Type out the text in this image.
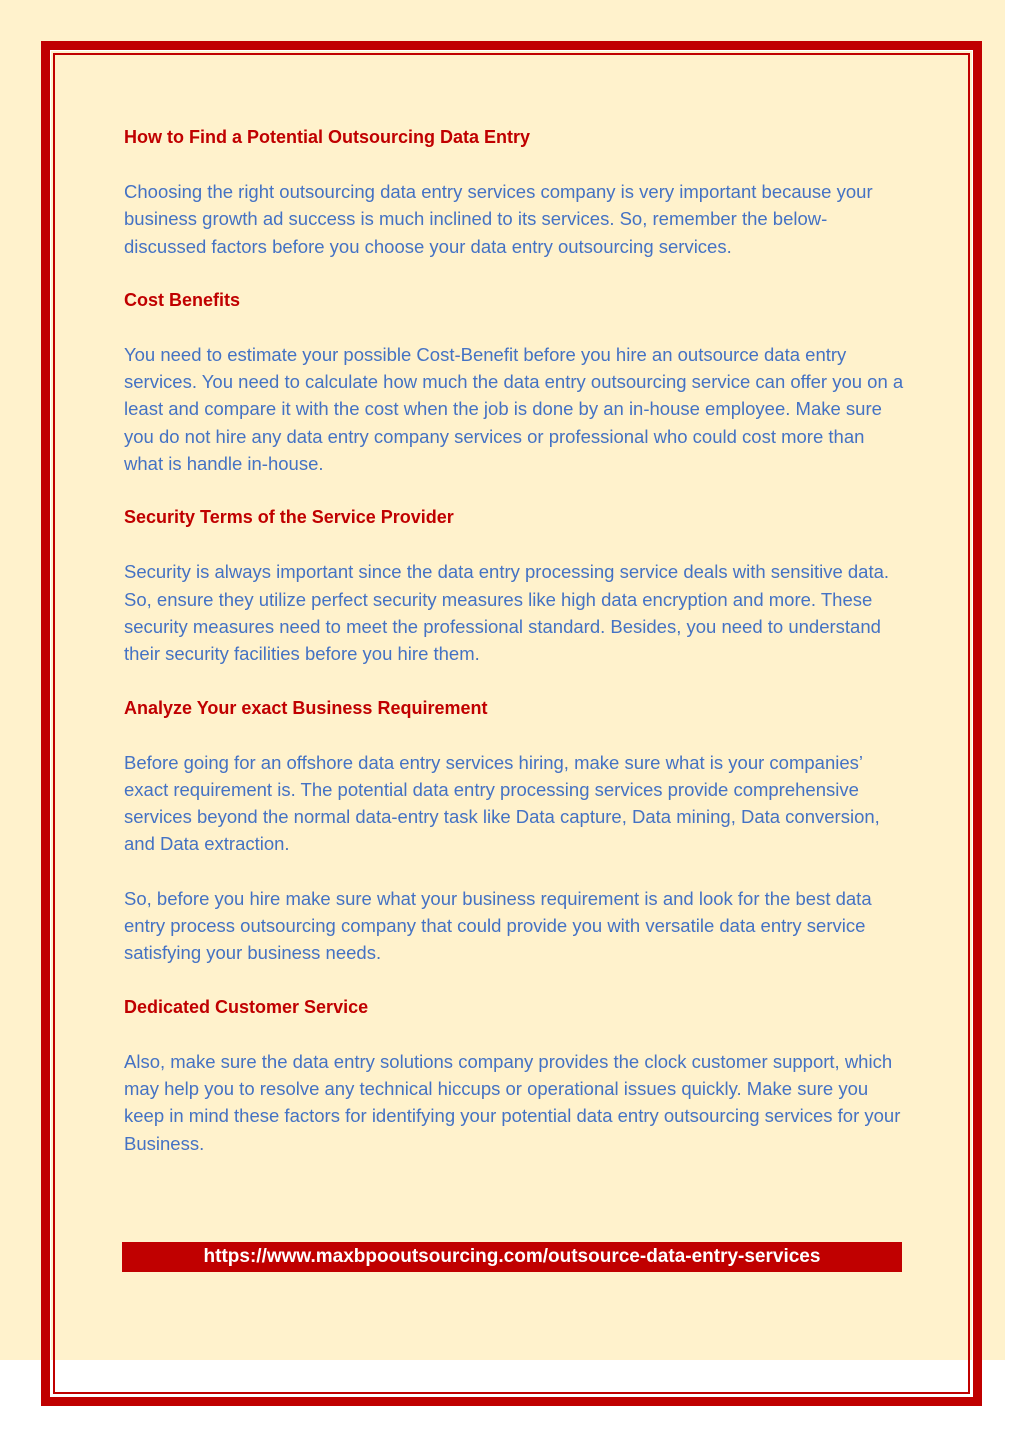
How to Find a Potential Outsourcing Data Entry

Choosing the right outsourcing data entry services company is very important because your business growth ad success is much inclined to its services. So, remember the below-discussed factors before you choose your data entry outsourcing services.

Cost Benefits

You need to estimate your possible Cost-Benefit before you hire an outsource data entry services. You need to calculate how much the data entry outsourcing service can offer you on a least and compare it with the cost when the job is done by an in-house employee. Make sure you do not hire any data entry company services or professional who could cost more than what is handle in-house.

Security Terms of the Service Provider

Security is always important since the data entry processing service deals with sensitive data. So, ensure they utilize perfect security measures like high data encryption and more. These security measures need to meet the professional standard. Besides, you need to understand their security facilities before you hire them.

Analyze Your exact Business Requirement

Before going for an offshore data entry services hiring, make sure what is your companies’ exact requirement is. The potential data entry processing services provide comprehensive services beyond the normal data-entry task like Data capture, Data mining, Data conversion, and Data extraction.

So, before you hire make sure what your business requirement is and look for the best data entry process outsourcing company that could provide you with versatile data entry service satisfying your business needs.

Dedicated Customer Service

Also, make sure the data entry solutions company provides the clock customer support, which may help you to resolve any technical hiccups or operational issues quickly. Make sure you keep in mind these factors for identifying your potential data entry outsourcing services for your Business.

https://www.maxbpooutsourcing.com/outsource-data-entry-services
